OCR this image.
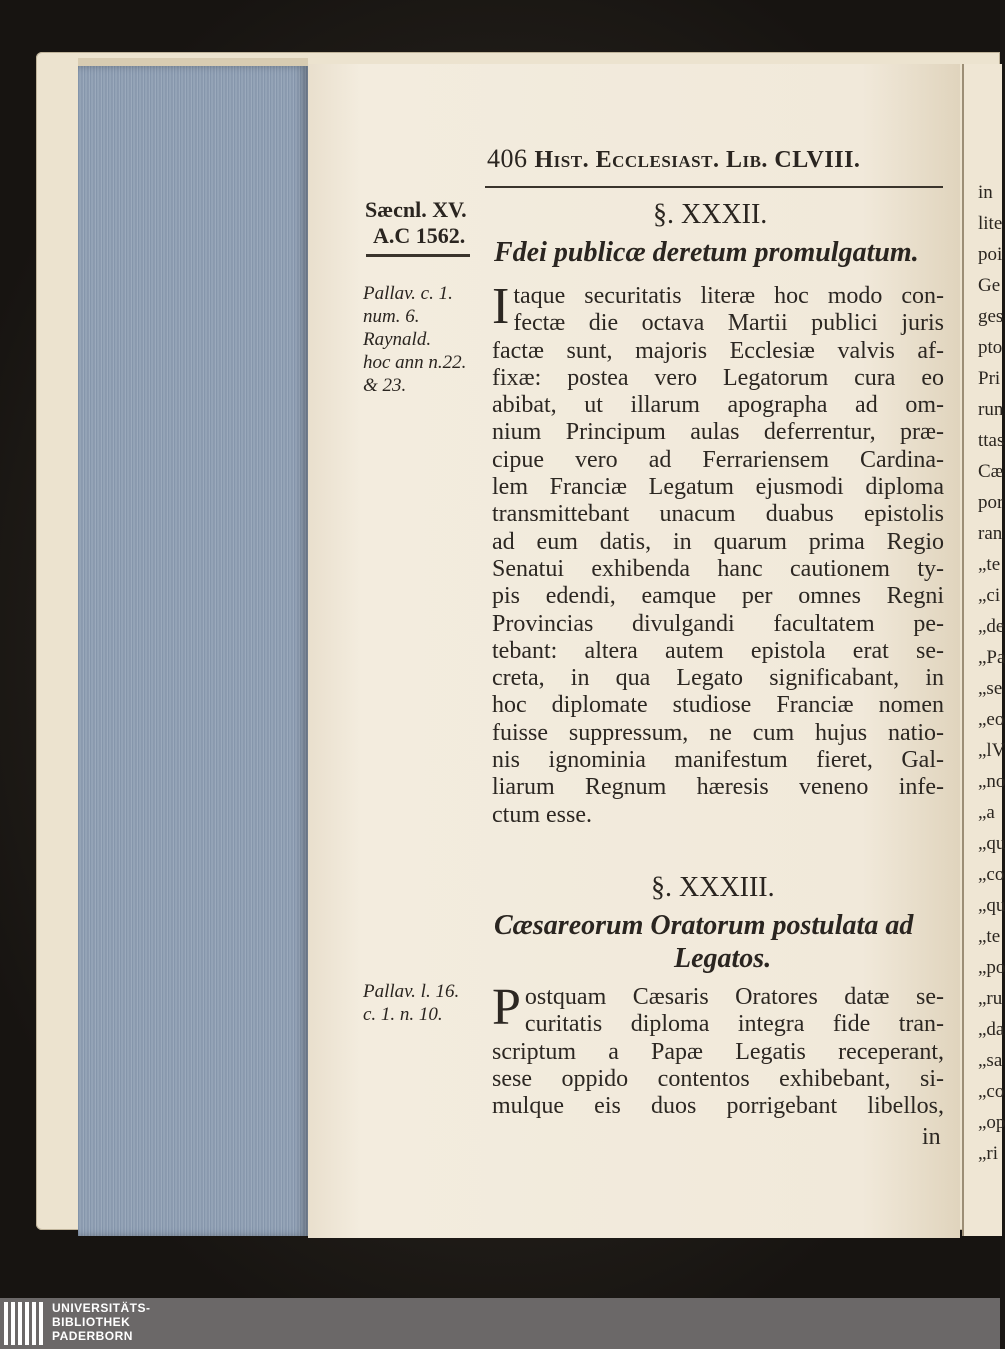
in
lite
poi
Ge
ges
pto
Pri
run
ttas
Cæ
por
ran
„te
„ci
„de
„Pa
„se
„eo
„lV
„no
„a
„qu
„co
„qu
„te
„po
„ru
„da
„sa
„co
„op
„ri
406 Hist. Ecclesiast. Lib. CLVIII.
Sæcnl. XV.
A.C 1562.
Pallav. c. 1.
num. 6.
Raynald.
hoc ann n.22.
& 23.
Pallav. l. 16.
c. 1. n. 10.
§. XXXII.
Fdei publicæ deretum promulgatum.
I taque securitatis literæ hoc modo con-
fectæ die octava Martii publici juris
factæ sunt, majoris Ecclesiæ valvis af-
fixæ: postea vero Legatorum cura eo
abibat, ut illarum apographa ad om-
nium Principum aulas deferrentur, præ-
cipue vero ad Ferrariensem Cardina-
lem Franciæ Legatum ejusmodi diploma
transmittebant unacum duabus epistolis
ad eum datis, in quarum prima Regio
Senatui exhibenda hanc cautionem ty-
pis edendi, eamque per omnes Regni
Provincias divulgandi facultatem pe-
tebant: altera autem epistola erat se-
creta, in qua Legato significabant, in
hoc diplomate studiose Franciæ nomen
fuisse suppressum, ne cum hujus natio-
nis ignominia manifestum fieret, Gal-
liarum Regnum hæresis veneno infe-
ctum esse.
§. XXXIII.
Cæsareorum Oratorum postulata ad
Legatos.
P ostquam Cæsaris Oratores datæ se-
curitatis diploma integra fide tran-
scriptum a Papæ Legatis receperant,
sese oppido contentos exhibebant, si-
mulque eis duos porrigebant libellos,
in
UNIVERSITÄTS-
BIBLIOTHEK
PADERBORN
